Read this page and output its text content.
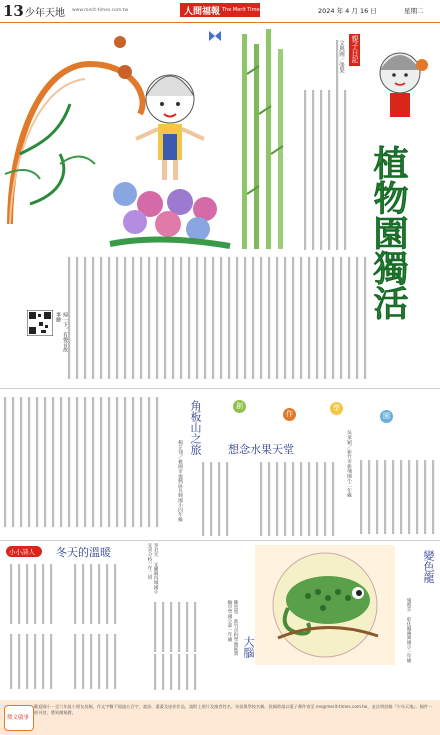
13 少年天地 www.merit-times.com.tw	人間福報 The Merit Times	2024 年 4 月 16 日	星期二
親子日記
文與圖／張果
植物園獨活
掃一下，有聲音故事聽
角板山之旅
楊芷翎／桃園市復興區長興國小四年級
創
作
學
園
想念水果天堂	吳承穎／新竹市新埔國小二年級
小小詩人 冬天的溫暖	李君光 文蘭縣內城國小先青分校三年二班
大腦
陳恩旭 新竹市科學園區實驗中學國小部一年級
變色龍
施昀芬 彰化縣溪湖國小三年級
徵文啟事
歡迎國小一至六年級小朋友投稿，作文字數不超過五百字，童詩、畫畫及迷你作品，請附上照片及繪者姓名、年級與學校名稱。投稿時請以電子郵件寄至 ms@merit-times.com.tw，並註明投稿『少年天地』。稿件一經刊登，將致贈稿費。
